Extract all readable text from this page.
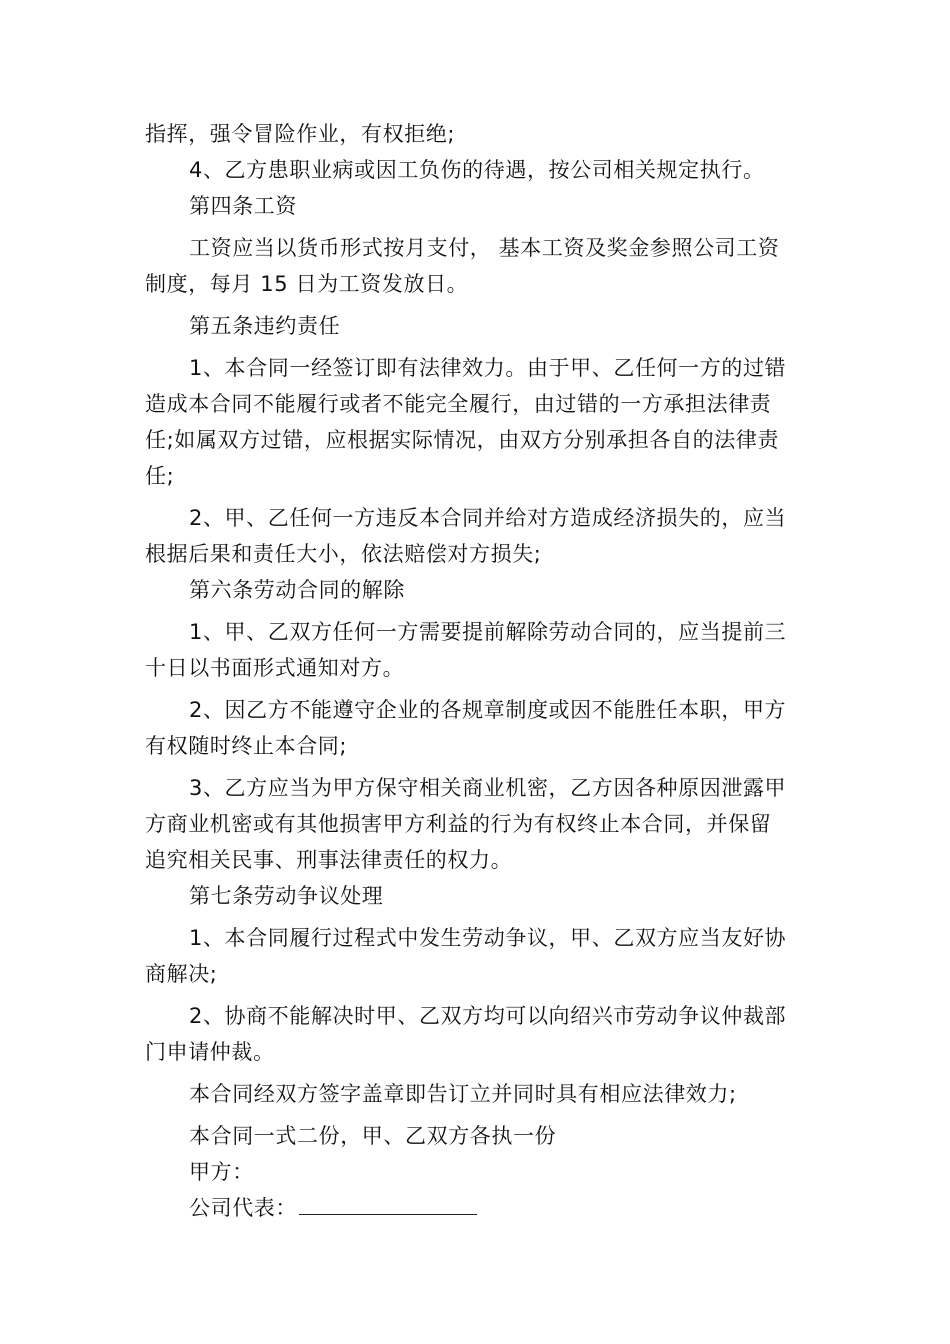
指挥，强令冒险作业，有权拒绝;
4、乙方患职业病或因工负伤的待遇，按公司相关规定执行。
第四条工资
工资应当以货币形式按月支付， 基本工资及奖金参照公司工资
制度，每月 15 日为工资发放日。
第五条违约责任
1、本合同一经签订即有法律效力。由于甲、乙任何一方的过错
造成本合同不能履行或者不能完全履行，由过错的一方承担法律责
任;如属双方过错，应根据实际情况，由双方分别承担各自的法律责
任;
2、甲、乙任何一方违反本合同并给对方造成经济损失的，应当
根据后果和责任大小，依法赔偿对方损失;
第六条劳动合同的解除
1、甲、乙双方任何一方需要提前解除劳动合同的，应当提前三
十日以书面形式通知对方。
2、因乙方不能遵守企业的各规章制度或因不能胜任本职，甲方
有权随时终止本合同;
3、乙方应当为甲方保守相关商业机密，乙方因各种原因泄露甲
方商业机密或有其他损害甲方利益的行为有权终止本合同，并保留
追究相关民事、刑事法律责任的权力。
第七条劳动争议处理
1、本合同履行过程式中发生劳动争议，甲、乙双方应当友好协
商解决;
2、协商不能解决时甲、乙双方均可以向绍兴市劳动争议仲裁部
门申请仲裁。
本合同经双方签字盖章即告订立并同时具有相应法律效力;
本合同一式二份，甲、乙双方各执一份
甲方：
公司代表：
